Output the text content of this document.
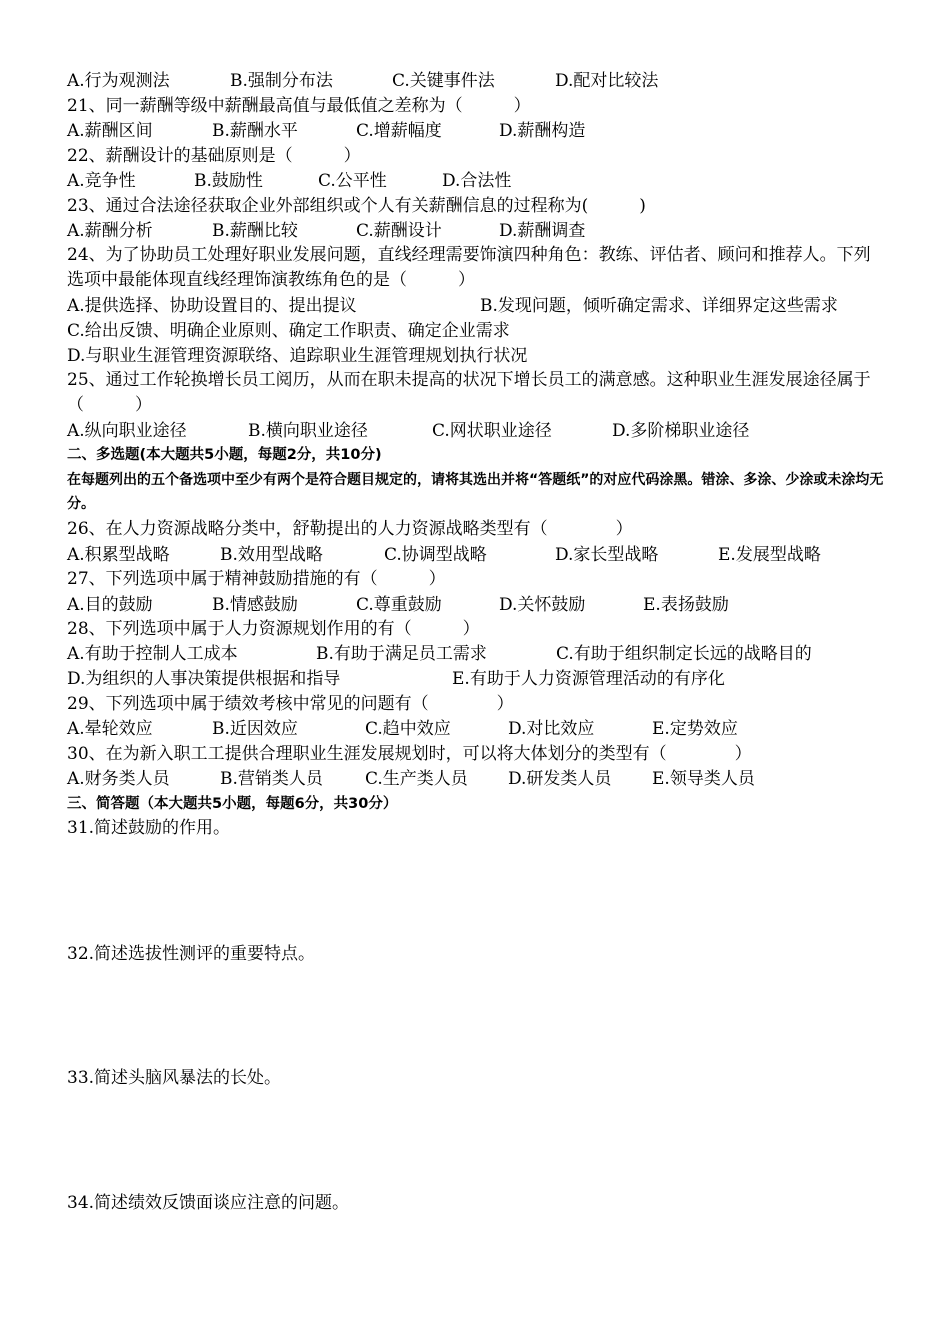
A.行为观测法	B.强制分布法	C.关键事件法	D.配对比较法
21、同一薪酬等级中薪酬最高值与最低值之差称为（　　　）
A.薪酬区间	B.薪酬水平	C.增薪幅度	D.薪酬构造
22、薪酬设计的基础原则是（　　　）
A.竞争性	B.鼓励性	C.公平性	D.合法性
23、通过合法途径获取企业外部组织或个人有关薪酬信息的过程称为(　　　)
A.薪酬分析	B.薪酬比较	C.薪酬设计	D.薪酬调查
24、为了协助员工处理好职业发展问题，直线经理需要饰演四种角色：教练、评估者、顾问和推荐人。下列选项中最能体现直线经理饰演教练角色的是（　　　）
A.提供选择、协助设置目的、提出提议	B.发现问题，倾听确定需求、详细界定这些需求
C.给出反馈、明确企业原则、确定工作职责、确定企业需求
D.与职业生涯管理资源联络、追踪职业生涯管理规划执行状况
25、通过工作轮换增长员工阅历，从而在职未提高的状况下增长员工的满意感。这种职业生涯发展途径属于（　　　）
A.纵向职业途径	B.横向职业途径	C.网状职业途径	D.多阶梯职业途径
二、多选题(本大题共5小题，每题2分，共10分)
在每题列出的五个备选项中至少有两个是符合题目规定的，请将其选出并将“答题纸”的对应代码涂黑。错涂、多涂、少涂或未涂均无分。
26、在人力资源战略分类中，舒勒提出的人力资源战略类型有（　　　　）
A.积累型战略	B.效用型战略	C.协调型战略	D.家长型战略	E.发展型战略
27、下列选项中属于精神鼓励措施的有（　　　）
A.目的鼓励	B.情感鼓励	C.尊重鼓励	D.关怀鼓励	E.表扬鼓励
28、下列选项中属于人力资源规划作用的有（　　　）
A.有助于控制人工成本	B.有助于满足员工需求	C.有助于组织制定长远的战略目的
D.为组织的人事决策提供根据和指导	E.有助于人力资源管理活动的有序化
29、下列选项中属于绩效考核中常见的问题有（　　　　）
A.晕轮效应	B.近因效应	C.趋中效应	D.对比效应	E.定势效应
30、在为新入职工工提供合理职业生涯发展规划时，可以将大体划分的类型有（　　　　）
A.财务类人员	B.营销类人员 C.生产类人员 D.研发类人员 E.领导类人员
三、简答题（本大题共5小题，每题6分，共30分）
31.简述鼓励的作用。
32.简述选拔性测评的重要特点。
33.简述头脑风暴法的长处。
34.简述绩效反馈面谈应注意的问题。
